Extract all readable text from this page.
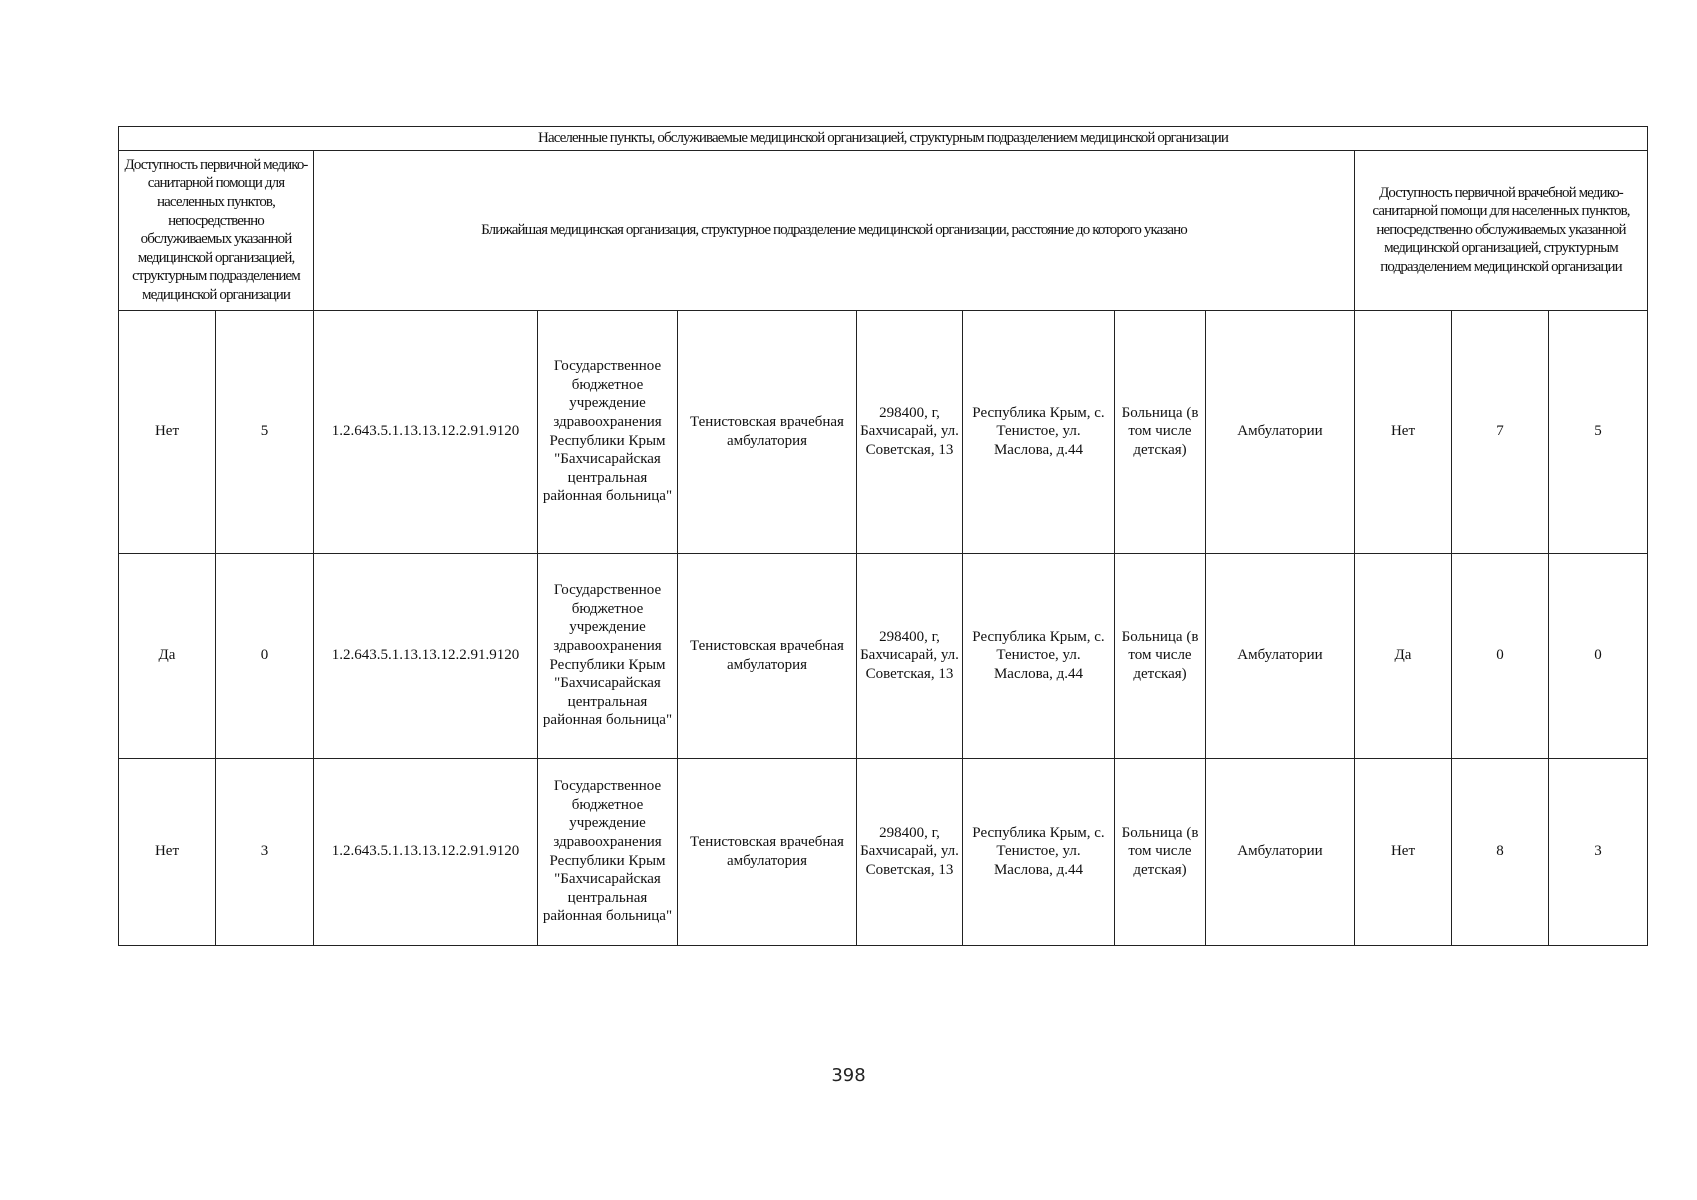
Населенные пункты, обслуживаемые медицинской организацией, структурным подразделением медицинской организации											
Доступность первичной медико-санитарной помощи для населенных пунктов, непосредственно обслуживаемых указанной медицинской организацией, структурным подразделением медицинской организации		Ближайшая медицинская организация, структурное подразделение медицинской организации, расстояние до которого указано							Доступность первичной врачебной медико-санитарной помощи для населенных пунктов, непосредственно обслуживаемых указанной медицинской организацией, структурным подразделением медицинской организации		
Нет	5	1.2.643.5.1.13.13.12.2.91.9120	Государственное бюджетное учреждение здравоохранения Республики Крым "Бахчисарайская центральная районная больница"	Тенистовская врачебная амбулатория	298400, г, Бахчисарай, ул. Советская, 13	Республика Крым, с. Тенистое, ул. Маслова, д.44	Больница (в том числе детская)	Амбулатории	Нет	7	5
Да	0	1.2.643.5.1.13.13.12.2.91.9120	Государственное бюджетное учреждение здравоохранения Республики Крым "Бахчисарайская центральная районная больница"	Тенистовская врачебная амбулатория	298400, г, Бахчисарай, ул. Советская, 13	Республика Крым, с. Тенистое, ул. Маслова, д.44	Больница (в том числе детская)	Амбулатории	Да	0	0
Нет	3	1.2.643.5.1.13.13.12.2.91.9120	Государственное бюджетное учреждение здравоохранения Республики Крым "Бахчисарайская центральная районная больница"	Тенистовская врачебная амбулатория	298400, г, Бахчисарай, ул. Советская, 13	Республика Крым, с. Тенистое, ул. Маслова, д.44	Больница (в том числе детская)	Амбулатории	Нет	8	3
398
